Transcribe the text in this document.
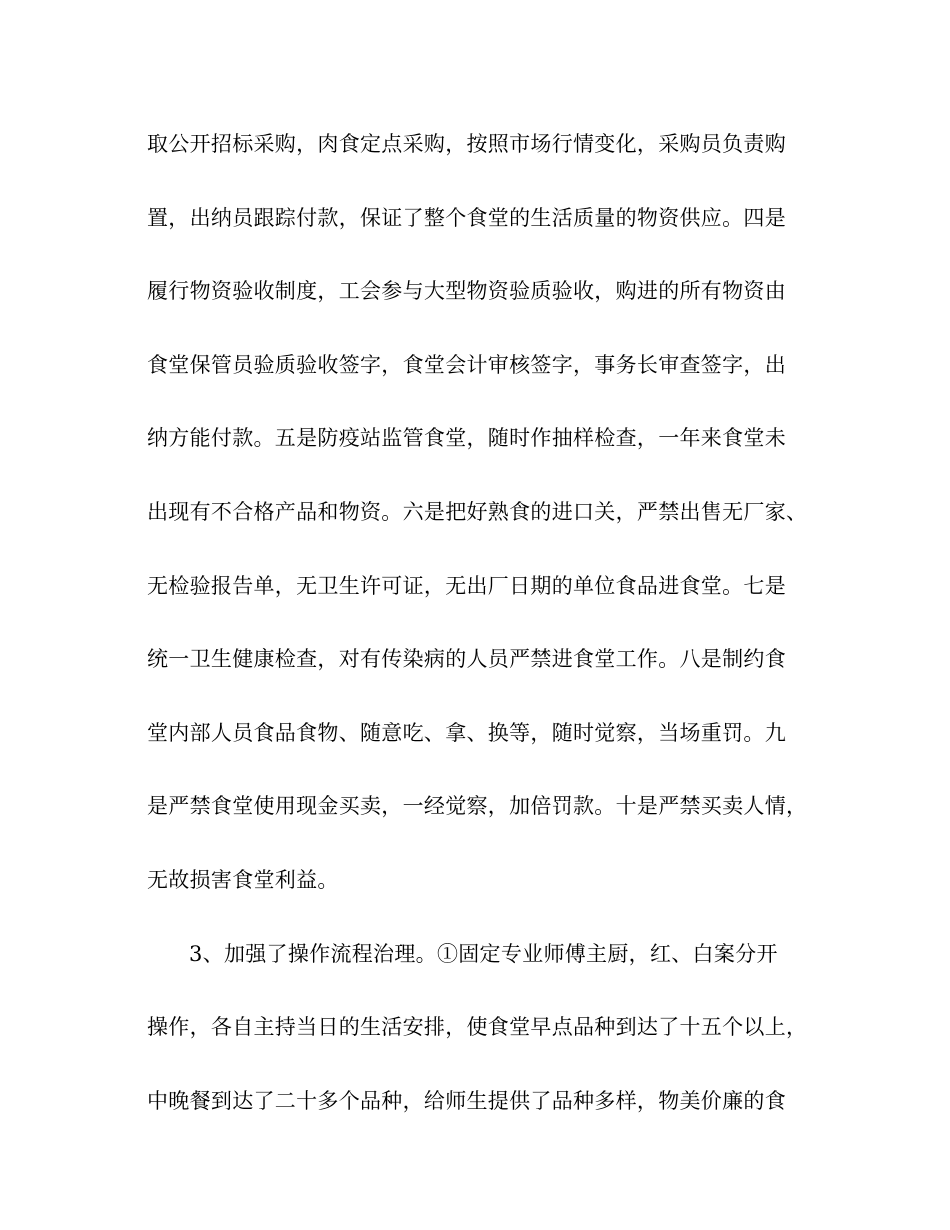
取公开招标采购，肉食定点采购，按照市场行情变化，采购员负责购
置，出纳员跟踪付款，保证了整个食堂的生活质量的物资供应。四是
履行物资验收制度，工会参与大型物资验质验收，购进的所有物资由
食堂保管员验质验收签字，食堂会计审核签字，事务长审查签字，出
纳方能付款。五是防疫站监管食堂，随时作抽样检查，一年来食堂未
出现有不合格产品和物资。六是把好熟食的进口关，严禁出售无厂家、
无检验报告单，无卫生许可证，无出厂日期的单位食品进食堂。七是
统一卫生健康检查，对有传染病的人员严禁进食堂工作。八是制约食
堂内部人员食品食物、随意吃、拿、换等，随时觉察，当场重罚。九
是严禁食堂使用现金买卖，一经觉察，加倍罚款。十是严禁买卖人情，
无故损害食堂利益。
3、加强了操作流程治理。①固定专业师傅主厨，红、白案分开
操作，各自主持当日的生活安排，使食堂早点品种到达了十五个以上，
中晚餐到达了二十多个品种，给师生提供了品种多样，物美价廉的食
